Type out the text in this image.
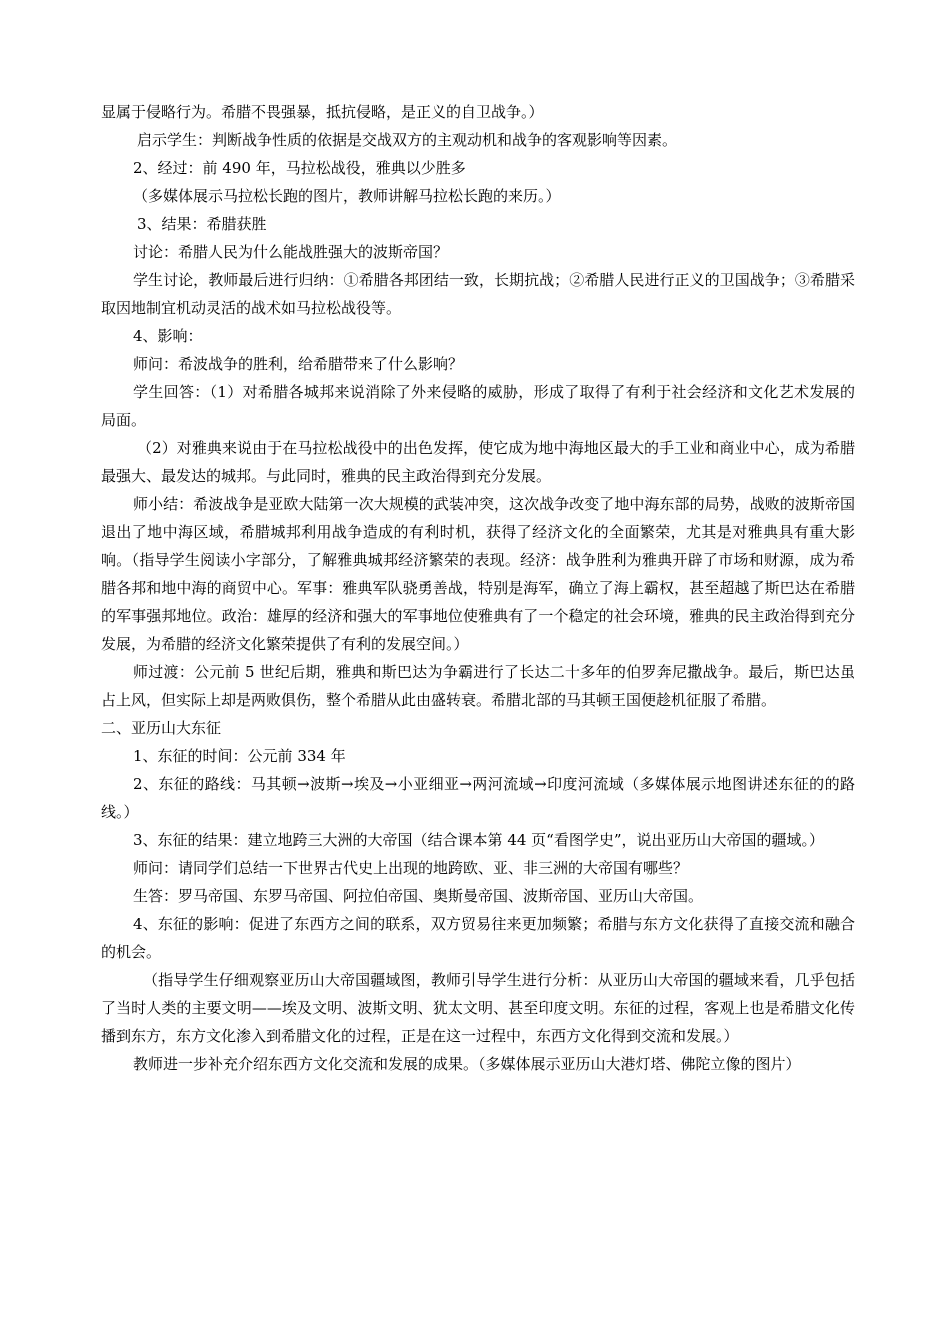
显属于侵略行为。希腊不畏强暴，抵抗侵略，是正义的自卫战争。）

启示学生：判断战争性质的依据是交战双方的主观动机和战争的客观影响等因素。

2、经过：前 490 年，马拉松战役，雅典以少胜多

（多媒体展示马拉松长跑的图片，教师讲解马拉松长跑的来历。）

3、结果：希腊获胜

讨论：希腊人民为什么能战胜强大的波斯帝国？

学生讨论，教师最后进行归纳：①希腊各邦团结一致，长期抗战；②希腊人民进行正义的卫国战争；③希腊采取因地制宜机动灵活的战术如马拉松战役等。

4、影响：

师问：希波战争的胜利，给希腊带来了什么影响？

学生回答：（1）对希腊各城邦来说消除了外来侵略的威胁，形成了取得了有利于社会经济和文化艺术发展的局面。

（2）对雅典来说由于在马拉松战役中的出色发挥，使它成为地中海地区最大的手工业和商业中心，成为希腊最强大、最发达的城邦。与此同时，雅典的民主政治得到充分发展。

师小结：希波战争是亚欧大陆第一次大规模的武装冲突，这次战争改变了地中海东部的局势，战败的波斯帝国退出了地中海区域，希腊城邦利用战争造成的有利时机，获得了经济文化的全面繁荣，尤其是对雅典具有重大影响。（指导学生阅读小字部分，了解雅典城邦经济繁荣的表现。经济：战争胜利为雅典开辟了市场和财源，成为希腊各邦和地中海的商贸中心。军事：雅典军队骁勇善战，特别是海军，确立了海上霸权，甚至超越了斯巴达在希腊的军事强邦地位。政治：雄厚的经济和强大的军事地位使雅典有了一个稳定的社会环境，雅典的民主政治得到充分发展，为希腊的经济文化繁荣提供了有利的发展空间。）

师过渡：公元前 5 世纪后期，雅典和斯巴达为争霸进行了长达二十多年的伯罗奔尼撒战争。最后，斯巴达虽占上风，但实际上却是两败俱伤，整个希腊从此由盛转衰。希腊北部的马其顿王国便趁机征服了希腊。

二、亚历山大东征

1、东征的时间：公元前 334 年

2、东征的路线：马其顿→波斯→埃及→小亚细亚→两河流域→印度河流域（多媒体展示地图讲述东征的的路线。）

3、东征的结果：建立地跨三大洲的大帝国（结合课本第 44 页“看图学史”，说出亚历山大帝国的疆域。）

师问：请同学们总结一下世界古代史上出现的地跨欧、亚、非三洲的大帝国有哪些？

生答：罗马帝国、东罗马帝国、阿拉伯帝国、奥斯曼帝国、波斯帝国、亚历山大帝国。

4、东征的影响：促进了东西方之间的联系，双方贸易往来更加频繁；希腊与东方文化获得了直接交流和融合的机会。

（指导学生仔细观察亚历山大帝国疆域图，教师引导学生进行分析：从亚历山大帝国的疆域来看，几乎包括了当时人类的主要文明——埃及文明、波斯文明、犹太文明、甚至印度文明。东征的过程，客观上也是希腊文化传播到东方，东方文化渗入到希腊文化的过程，正是在这一过程中，东西方文化得到交流和发展。）

教师进一步补充介绍东西方文化交流和发展的成果。（多媒体展示亚历山大港灯塔、佛陀立像的图片）
